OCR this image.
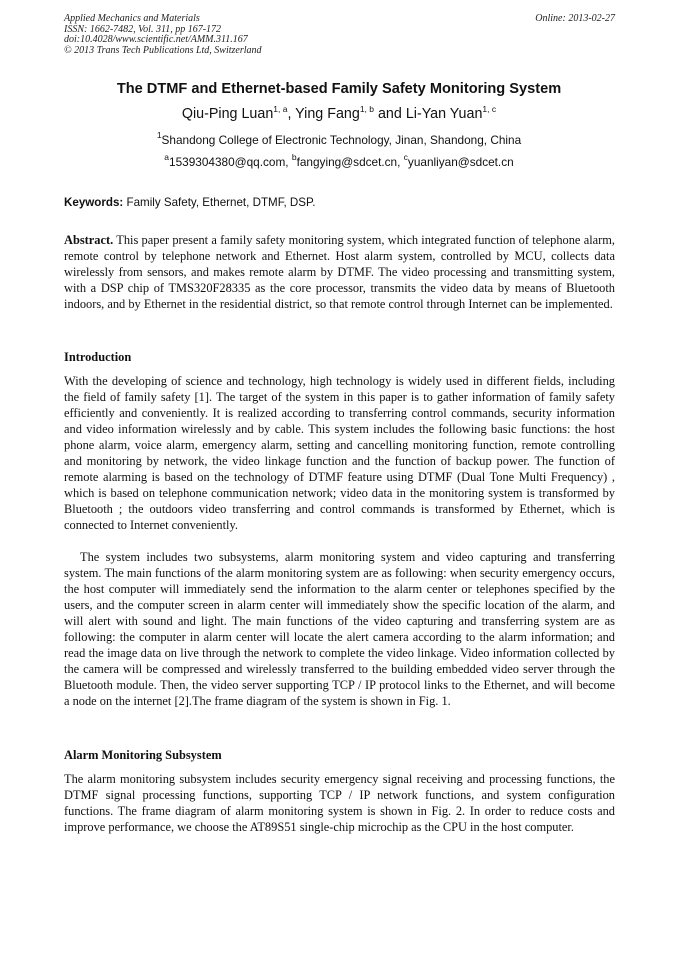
Applied Mechanics and Materials
ISSN: 1662-7482, Vol. 311, pp 167-172
doi:10.4028/www.scientific.net/AMM.311.167
© 2013 Trans Tech Publications Ltd, Switzerland
Online: 2013-02-27
The DTMF and Ethernet-based Family Safety Monitoring System
Qiu-Ping Luan$^{1, a}$, Ying Fang$^{1, b}$ and Li-Yan Yuan$^{1, c}$
$^1$Shandong College of Electronic Technology, Jinan, Shandong, China
$^a$1539304380@qq.com, $^b$fangying@sdcet.cn, $^c$yuanliyan@sdcet.cn
Keywords: Family Safety, Ethernet, DTMF, DSP.
Abstract. This paper present a family safety monitoring system, which integrated function of telephone alarm, remote control by telephone network and Ethernet. Host alarm system, controlled by MCU, collects data wirelessly from sensors, and makes remote alarm by DTMF. The video processing and transmitting system, with a DSP chip of TMS320F28335 as the core processor, transmits the video data by means of Bluetooth indoors, and by Ethernet in the residential district, so that remote control through Internet can be implemented.
Introduction
With the developing of science and technology, high technology is widely used in different fields, including the field of family safety [1]. The target of the system in this paper is to gather information of family safety efficiently and conveniently. It is realized according to transferring control commands, security information and video information wirelessly and by cable. This system includes the following basic functions: the host phone alarm, voice alarm, emergency alarm, setting and cancelling monitoring function, remote controlling and monitoring by network, the video linkage function and the function of backup power. The function of remote alarming is based on the technology of DTMF feature using DTMF (Dual Tone Multi Frequency) , which is based on telephone communication network; video data in the monitoring system is transformed by Bluetooth ; the outdoors video transferring and control commands is transformed by Ethernet, which is connected to Internet conveniently.
The system includes two subsystems, alarm monitoring system and video capturing and transferring system. The main functions of the alarm monitoring system are as following: when security emergency occurs, the host computer will immediately send the information to the alarm center or telephones specified by the users, and the computer screen in alarm center will immediately show the specific location of the alarm, and will alert with sound and light. The main functions of the video capturing and transferring system are as following: the computer in alarm center will locate the alert camera according to the alarm information; and read the image data on live through the network to complete the video linkage. Video information collected by the camera will be compressed and wirelessly transferred to the building embedded video server through the Bluetooth module. Then, the video server supporting TCP / IP protocol links to the Ethernet, and will become a node on the internet [2].The frame diagram of the system is shown in Fig. 1.
Alarm Monitoring Subsystem
The alarm monitoring subsystem includes security emergency signal receiving and processing functions, the DTMF signal processing functions, supporting TCP / IP network functions, and system configuration functions. The frame diagram of alarm monitoring system is shown in Fig. 2. In order to reduce costs and improve performance, we choose the AT89S51 single-chip microchip as the CPU in the host computer.
